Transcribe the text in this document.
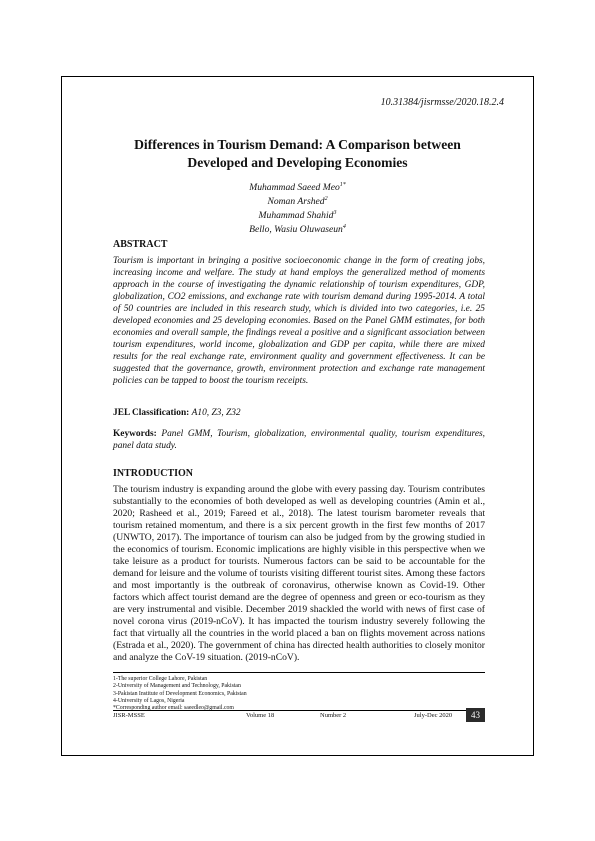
10.31384/jisrmsse/2020.18.2.4
Differences in Tourism Demand: A Comparison between Developed and Developing Economies
Muhammad Saeed Meo$^{1*}$
Noman Arshed$^2$
Muhammad Shahid$^3$
Bello, Wasiu Oluwaseun$^4$
ABSTRACT
Tourism is important in bringing a positive socioeconomic change in the form of creating jobs, increasing income and welfare. The study at hand employs the generalized method of moments approach in the course of investigating the dynamic relationship of tourism expenditures, GDP, globalization, CO2 emissions, and exchange rate with tourism demand during 1995-2014. A total of 50 countries are included in this research study, which is divided into two categories, i.e. 25 developed economies and 25 developing economies. Based on the Panel GMM estimates, for both economies and overall sample, the findings reveal a positive and a significant association between tourism expenditures, world income, globalization and GDP per capita, while there are mixed results for the real exchange rate, environment quality and government effectiveness. It can be suggested that the governance, growth, environment protection and exchange rate management policies can be tapped to boost the tourism receipts.
JEL Classification: A10, Z3, Z32
Keywords: Panel GMM, Tourism, globalization, environmental quality, tourism expenditures, panel data study.
INTRODUCTION
The tourism industry is expanding around the globe with every passing day. Tourism contributes substantially to the economies of both developed as well as developing countries (Amin et al., 2020; Rasheed et al., 2019; Fareed et al., 2018). The latest tourism barometer reveals that tourism retained momentum, and there is a six percent growth in the first few months of 2017 (UNWTO, 2017). The importance of tourism can also be judged from by the growing studied in the economics of tourism. Economic implications are highly visible in this perspective when we take leisure as a product for tourists. Numerous factors can be said to be accountable for the demand for leisure and the volume of tourists visiting different tourist sites. Among these factors and most importantly is the outbreak of coronavirus, otherwise known as Covid-19. Other factors which affect tourist demand are the degree of openness and green or eco-tourism as they are very instrumental and visible. December 2019 shackled the world with news of first case of novel corona virus (2019-nCoV). It has impacted the tourism industry severely following the fact that virtually all the countries in the world placed a ban on flights movement across nations (Estrada et al., 2020). The government of china has directed health authorities to closely monitor and analyze the CoV-19 situation. (2019-nCoV).
1-The superior College Lahore, Pakistan
2-University of Management and Technology, Pakistan
3-Pakistan Institute of Development Economics, Pakistan
4-University of Lagos, Nigeria
*Corresponding author email: saeedleo@gmail.com
JISR-MSSE	Volume 18	Number 2	July-Dec 2020	43
